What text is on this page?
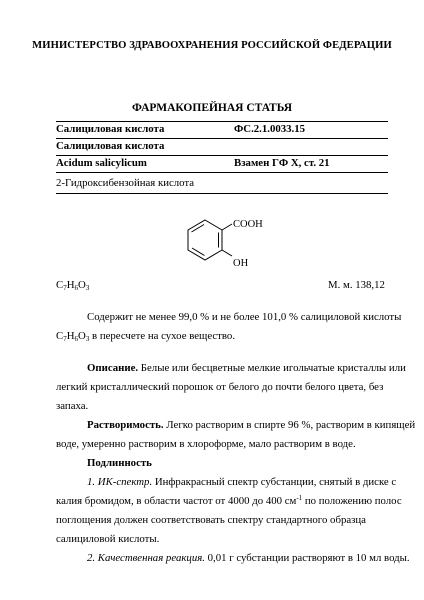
МИНИСТЕРСТВО ЗДРАВООХРАНЕНИЯ РОССИЙСКОЙ ФЕДЕРАЦИИ
ФАРМАКОПЕЙНАЯ СТАТЬЯ
Салициловая кислота	ФС.2.1.0033.15
Салициловая кислота
Acidum salicylicum	Взамен ГФ X, ст. 21
2-Гидроксибензойная кислота
COOH
OH
$C_7H_6O_3$	М. м. 138,12
Содержит не менее 99,0 % и не более 101,0 % салициловой кислоты
$C_7H_6O_3$ в пересчете на сухое вещество.
Описание. Белые или бесцветные мелкие игольчатые кристаллы или
легкий кристаллический порошок от белого до почти белого цвета, без
запаха.
Растворимость. Легко растворим в спирте 96 %, растворим в кипящей
воде, умеренно растворим в хлороформе, мало растворим в воде.
Подлинность
1. ИК-спектр. Инфракрасный спектр субстанции, снятый в диске с
калия бромидом, в области частот от 4000 до 400 $см^{-1}$ по положению полос
поглощения должен соответствовать спектру стандартного образца
салициловой кислоты.
2. Качественная реакция. 0,01 г субстанции растворяют в 10 мл воды.
